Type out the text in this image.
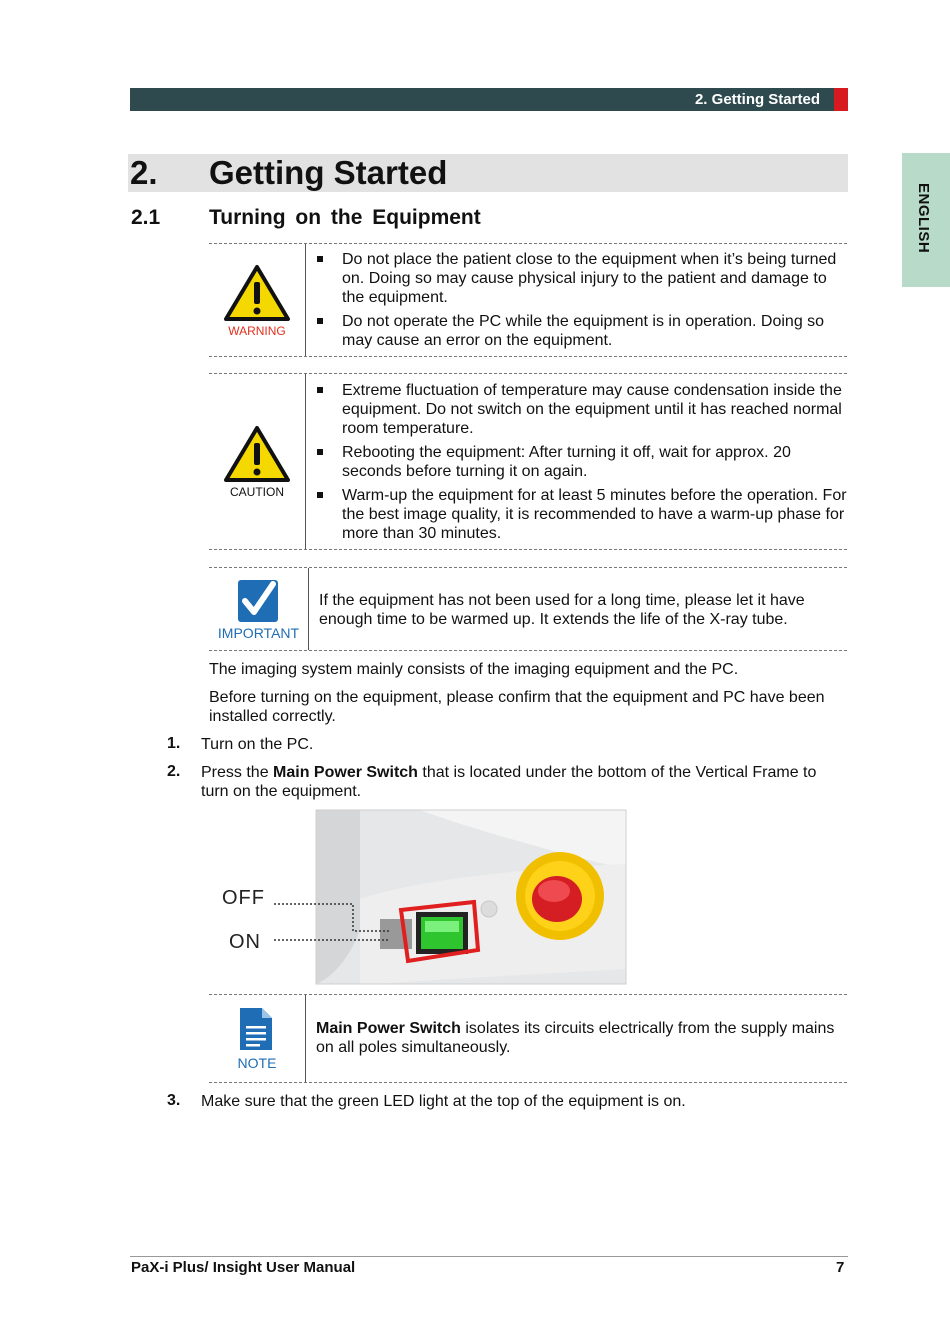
2. Getting Started
ENGLISH
2. Getting Started
2.1 Turning on the Equipment
WARNING
Do not place the patient close to the equipment when it’s being turned on. Doing so may cause physical injury to the patient and damage to the equipment.
Do not operate the PC while the equipment is in operation. Doing so may cause an error on the equipment.
CAUTION
Extreme fluctuation of temperature may cause condensation inside the equipment. Do not switch on the equipment until it has reached normal room temperature.
Rebooting the equipment: After turning it off, wait for approx. 20 seconds before turning it on again.
Warm-up the equipment for at least 5 minutes before the operation. For the best image quality, it is recommended to have a warm-up phase for more than 30 minutes.
IMPORTANT
If the equipment has not been used for a long time, please let it have enough time to be warmed up. It extends the life of the X-ray tube.
The imaging system mainly consists of the imaging equipment and the PC.
Before turning on the equipment, please confirm that the equipment and PC have been installed correctly.
1. Turn on the PC.
2. Press the Main Power Switch that is located under the bottom of the Vertical Frame to turn on the equipment.
OFF
ON
NOTE
Main Power Switch isolates its circuits electrically from the supply mains on all poles simultaneously.
3. Make sure that the green LED light at the top of the equipment is on.
PaX-i Plus/ Insight User Manual	7
